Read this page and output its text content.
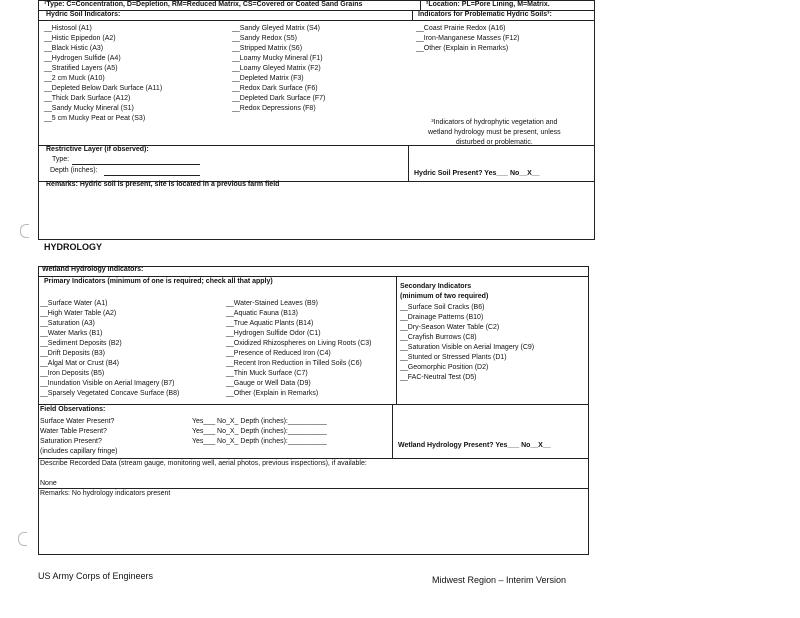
¹Type: C=Concentration, D=Depletion, RM=Reduced Matrix, CS=Covered or Coated Sand Grains	²Location: PL=Pore Lining, M=Matrix.
Hydric Soil Indicators:	Indicators for Problematic Hydric Soils³:
__Histosol (A1)
__Histic Epipedon (A2)
__Black Histic (A3)
__Hydrogen Sulfide (A4)
__Stratified Layers (A5)
__2 cm Muck (A10)
__Depleted Below Dark Surface (A11)
__Thick Dark Surface (A12)
__Sandy Mucky Mineral (S1)
__5 cm Mucky Peat or Peat (S3)
__Sandy Gleyed Matrix (S4)
__Sandy Redox (S5)
__Stripped Matrix (S6)
__Loamy Mucky Mineral (F1)
__Loamy Gleyed Matrix (F2)
__Depleted Matrix (F3)
__Redox Dark Surface (F6)
__Depleted Dark Surface (F7)
__Redox Depressions (F8)
__Coast Prairie Redox (A16)
__Iron-Manganese Masses (F12)
__Other (Explain in Remarks)
³Indicators of hydrophytic vegetation and
wetland hydrology must be present, unless
disturbed or problematic.
Restrictive Layer (if observed):
Type:
Depth (inches):	Hydric Soil Present? Yes___ No__X__
Remarks: Hydric soil is present, site is located in a previous farm field
HYDROLOGY
Wetland Hydrology Indicators:
Primary Indicators (minimum of one is required; check all that apply)
Secondary Indicators
(minimum of two required)
__Surface Water (A1)
__High Water Table (A2)
__Saturation (A3)
__Water Marks (B1)
__Sediment Deposits (B2)
__Drift Deposits (B3)
__Algal Mat or Crust (B4)
__Iron Deposits (B5)
__Inundation Visible on Aerial Imagery (B7)
__Sparsely Vegetated Concave Surface (B8)
__Water-Stained Leaves (B9)
__Aquatic Fauna (B13)
__True Aquatic Plants (B14)
__Hydrogen Sulfide Odor (C1)
__Oxidized Rhizospheres on Living Roots (C3)
__Presence of Reduced Iron (C4)
__Recent Iron Reduction in Tilled Soils (C6)
__Thin Muck Surface (C7)
__Gauge or Well Data (D9)
__Other (Explain in Remarks)
__Surface Soil Cracks (B6)
__Drainage Patterns (B10)
__Dry-Season Water Table (C2)
__Crayfish Burrows (C8)
__Saturation Visible on Aerial Imagery (C9)
__Stunted or Stressed Plants (D1)
__Geomorphic Position (D2)
__FAC-Neutral Test (D5)
Field Observations:
Surface Water Present?	Yes___ No_X_ Depth (inches):__________
Water Table Present?	Yes___ No_X_ Depth (inches):__________
Saturation Present?	Yes___ No_X_ Depth (inches):__________
(includes capillary fringe)
Wetland Hydrology Present? Yes___ No__X__
Describe Recorded Data (stream gauge, monitoring well, aerial photos, previous inspections), if available:
None
Remarks: No hydrology indicators present
US Army Corps of Engineers	Midwest Region – Interim Version
